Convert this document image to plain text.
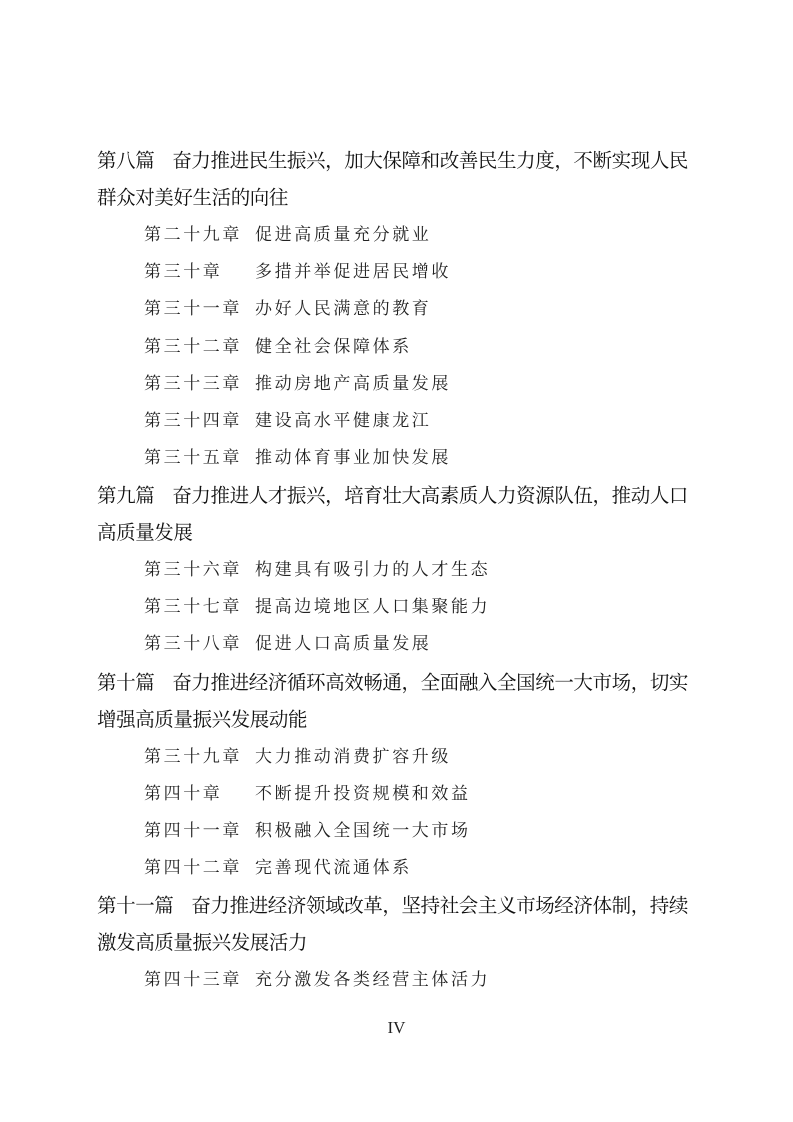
第八篇 奋力推进民生振兴，加大保障和改善民生力度，不断实现人民群众对美好生活的向往
第二十九章 促进高质量充分就业
第三十章 多措并举促进居民增收
第三十一章 办好人民满意的教育
第三十二章 健全社会保障体系
第三十三章 推动房地产高质量发展
第三十四章 建设高水平健康龙江
第三十五章 推动体育事业加快发展
第九篇 奋力推进人才振兴，培育壮大高素质人力资源队伍，推动人口高质量发展
第三十六章 构建具有吸引力的人才生态
第三十七章 提高边境地区人口集聚能力
第三十八章 促进人口高质量发展
第十篇 奋力推进经济循环高效畅通，全面融入全国统一大市场，切实增强高质量振兴发展动能
第三十九章 大力推动消费扩容升级
第四十章 不断提升投资规模和效益
第四十一章 积极融入全国统一大市场
第四十二章 完善现代流通体系
第十一篇 奋力推进经济领域改革，坚持社会主义市场经济体制，持续激发高质量振兴发展活力
第四十三章 充分激发各类经营主体活力
IV
